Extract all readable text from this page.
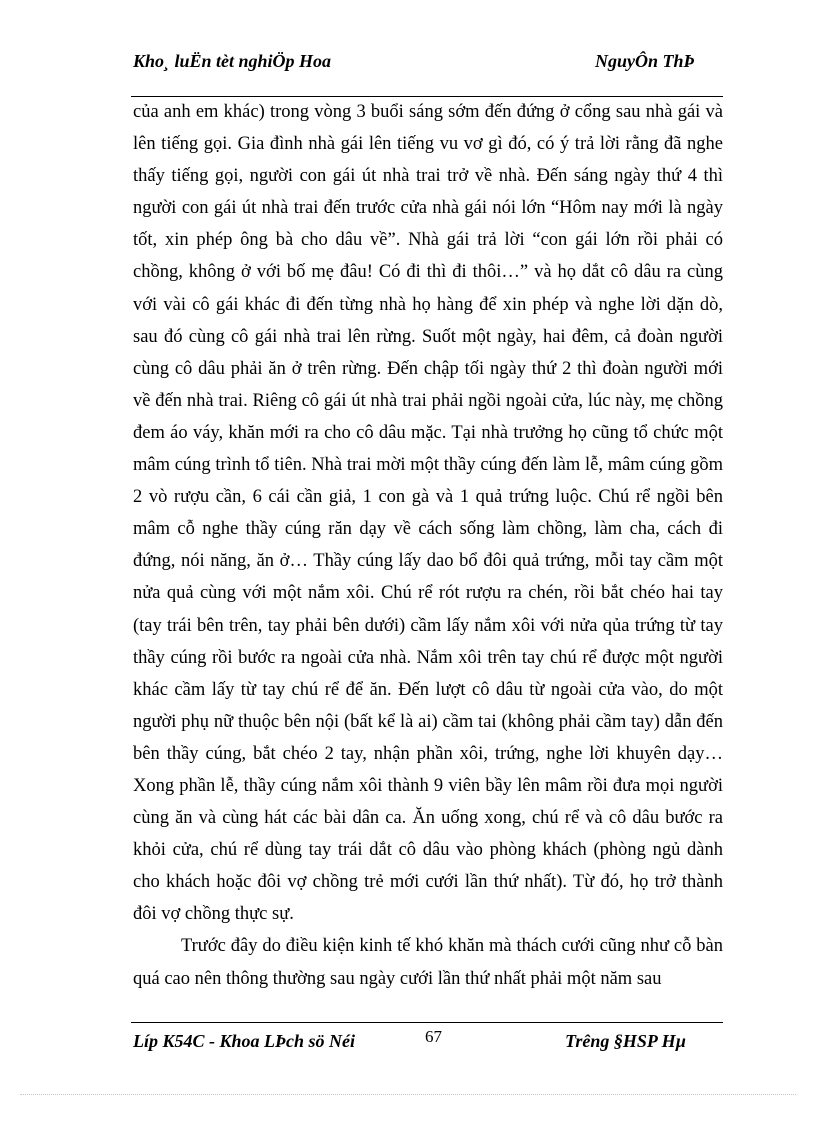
Kho¸ luËn tèt nghiÖp Hoa	NguyÔn ThÞ

của anh em khác) trong vòng 3 buổi sáng sớm đến đứng ở cổng sau nhà gái và lên tiếng gọi. Gia đình nhà gái lên tiếng vu vơ gì đó, có ý trả lời rằng đã nghe thấy tiếng gọi, người con gái út nhà trai trở về nhà. Đến sáng ngày thứ 4 thì người con gái út nhà trai đến trước cửa nhà gái nói lớn “Hôm nay mới là ngày tốt, xin phép ông bà cho dâu về”. Nhà gái trả lời “con gái lớn rồi phải có chồng, không ở với bố mẹ đâu! Có đi thì đi thôi…” và họ dắt cô dâu ra cùng với vài cô gái khác đi đến từng nhà họ hàng để xin phép và nghe lời dặn dò, sau đó cùng cô gái nhà trai lên rừng. Suốt một ngày, hai đêm, cả đoàn người cùng cô dâu phải ăn ở trên rừng. Đến chập tối ngày thứ 2 thì đoàn người mới về đến nhà trai. Riêng cô gái út nhà trai phải ngồi ngoài cửa, lúc này, mẹ chồng đem áo váy, khăn mới ra cho cô dâu mặc. Tại nhà trưởng họ cũng tổ chức một mâm cúng trình tổ tiên. Nhà trai mời một thầy cúng đến làm lễ, mâm cúng gồm 2 vò rượu cần, 6 cái cần giả, 1 con gà và 1 quả trứng luộc. Chú rể ngồi bên mâm cỗ nghe thầy cúng răn dạy về cách sống làm chồng, làm cha, cách đi đứng, nói năng, ăn ở… Thầy cúng lấy dao bổ đôi quả trứng, mỗi tay cầm một nửa quả cùng với một nắm xôi. Chú rể rót rượu ra chén, rồi bắt chéo hai tay (tay trái bên trên, tay phải bên dưới) cầm lấy nắm xôi với nửa qủa trứng từ tay thầy cúng rồi bước ra ngoài cửa nhà. Nắm xôi trên tay chú rể được một người khác cầm lấy từ tay chú rể để ăn. Đến lượt cô dâu từ ngoài cửa vào, do một người phụ nữ thuộc bên nội (bất kể là ai) cầm tai (không phải cầm tay) dẫn đến bên thầy cúng, bắt chéo 2 tay, nhận phần xôi, trứng, nghe lời khuyên dạy… Xong phần lễ, thầy cúng nắm xôi thành 9 viên bầy lên mâm rồi đưa mọi người cùng ăn và cùng hát các bài dân ca. Ăn uống xong, chú rể và cô dâu bước ra khỏi cửa, chú rể dùng tay trái dắt cô dâu vào phòng khách (phòng ngủ dành cho khách hoặc đôi vợ chồng trẻ mới cưới lần thứ nhất). Từ đó, họ trở thành đôi vợ chồng thực sự.

Trước đây do điều kiện kinh tế khó khăn mà thách cưới cũng như cỗ bàn quá cao nên thông thường sau ngày cưới lần thứ nhất phải một năm sau

Líp K54C - Khoa LÞch sö Néi	67	Trêng §HSP Hµ
